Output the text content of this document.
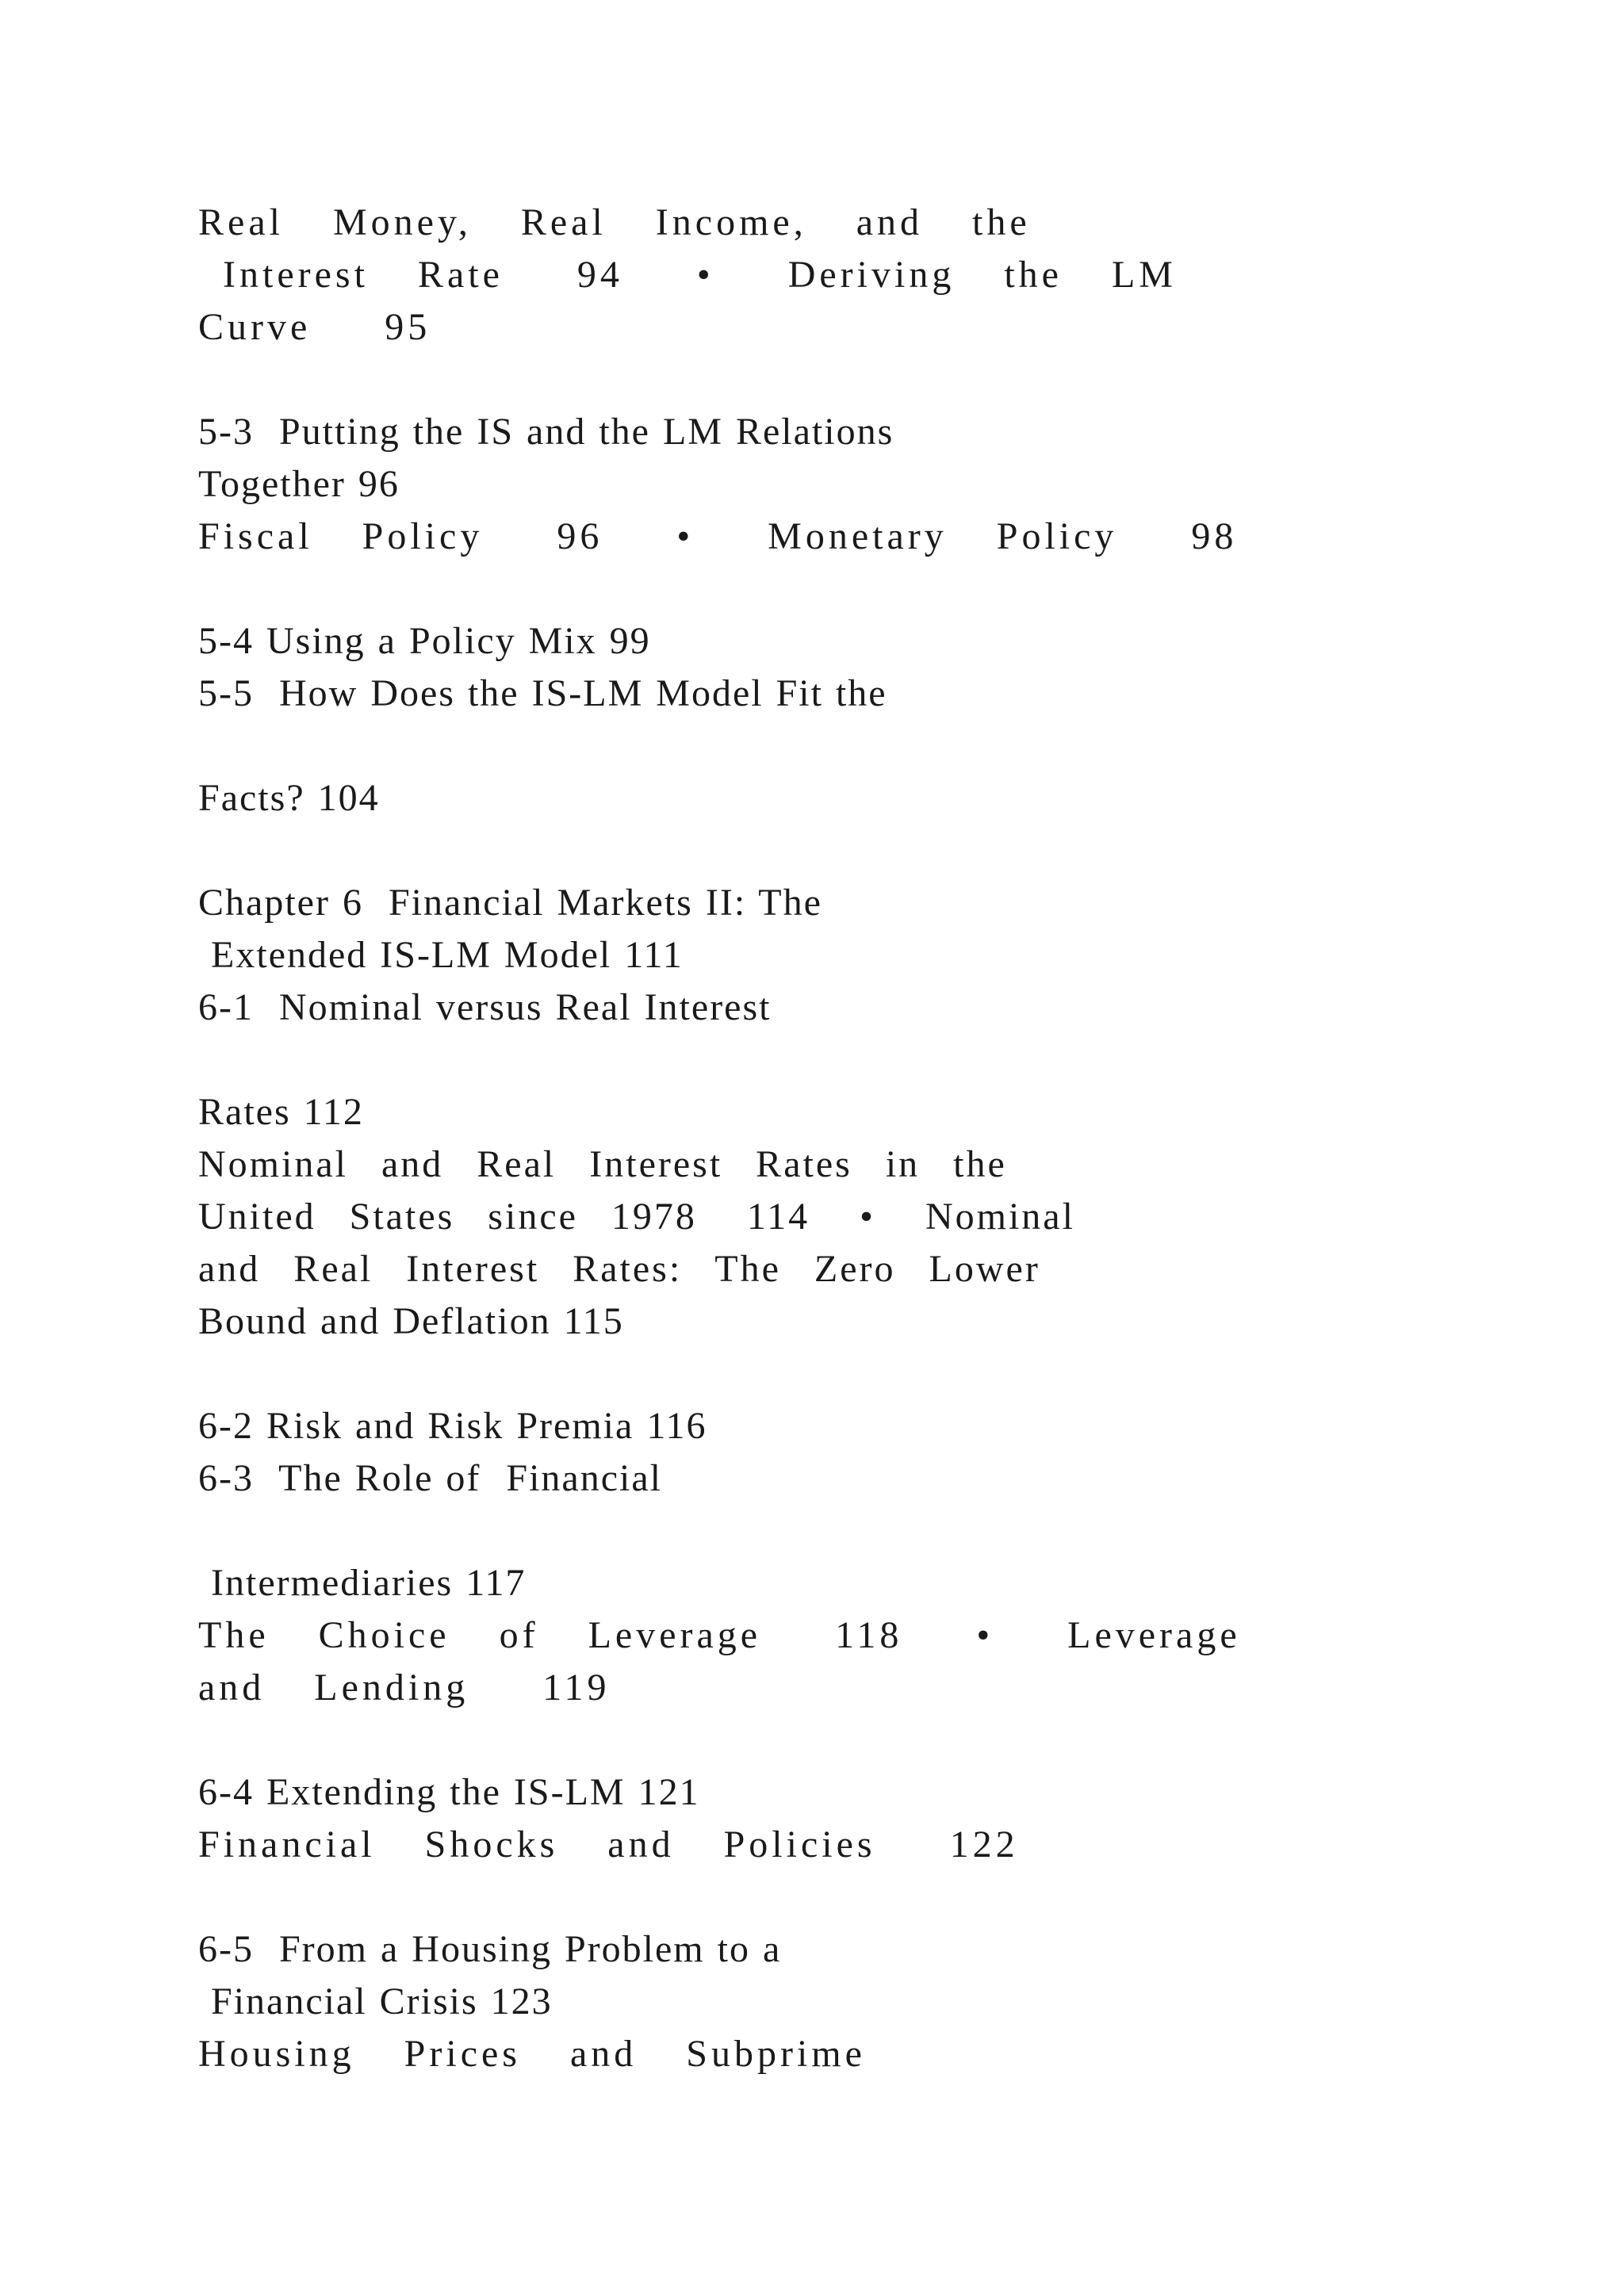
Real  Money,  Real  Income,  and  the

Interest  Rate   94   •   Deriving  the  LM

Curve   95

5-3  Putting the IS and the LM Relations

Together 96

Fiscal  Policy   96   •   Monetary  Policy   98

5-4 Using a Policy Mix 99

5-5  How Does the IS-LM Model Fit the

Facts? 104

Chapter 6  Financial Markets II: The

Extended IS-LM Model 111

6-1  Nominal versus Real Interest

Rates 112

Nominal  and  Real  Interest  Rates  in  the

United  States  since  1978   114   •   Nominal

and  Real  Interest  Rates:  The  Zero  Lower

Bound and Deflation 115

6-2 Risk and Risk Premia 116

6-3  The Role of  Financial

Intermediaries 117

The  Choice  of  Leverage   118   •   Leverage

and  Lending   119

6-4 Extending the IS-LM 121

Financial  Shocks  and  Policies   122

6-5  From a Housing Problem to a

Financial Crisis 123

Housing  Prices  and  Subprime
